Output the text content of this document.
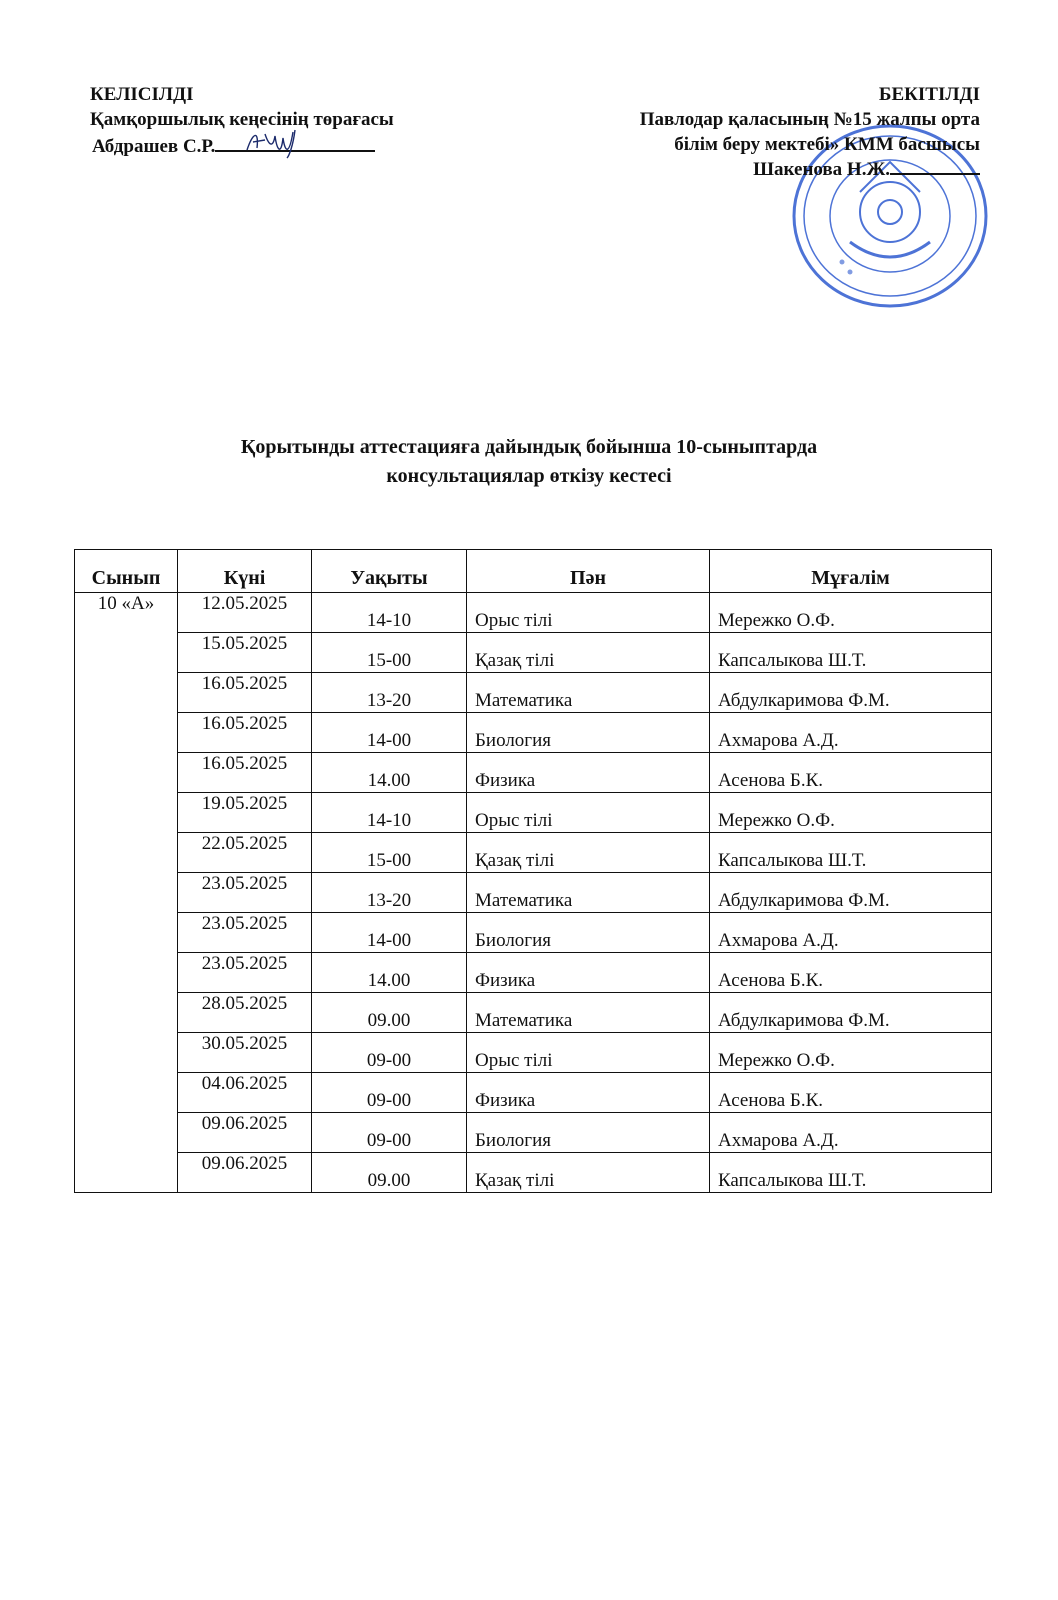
КЕЛІСІЛДІ
Қамқоршылық кеңесінің төрағасы
Абдрашев С.Р.
БЕКІТІЛДІ
Павлодар қаласының №15 жалпы орта
білім беру мектебі» КММ басшысы
Шакенова Н.Ж.
Қорытынды аттестацияға дайындық бойынша 10-сыныптарда
консультациялар өткізу кестесі
Сынып	Күні	Уақыты	Пән	Мұғалім
10 «А»	12.05.2025	14-10	Орыс тілі	Мережко О.Ф.
	15.05.2025	15-00	Қазақ тілі	Капсалыкова Ш.Т.
	16.05.2025	13-20	Математика	Абдулкаримова Ф.М.
	16.05.2025	14-00	Биология	Ахмарова А.Д.
	16.05.2025	14.00	Физика	Асенова Б.К.
	19.05.2025	14-10	Орыс тілі	Мережко О.Ф.
	22.05.2025	15-00	Қазақ тілі	Капсалыкова Ш.Т.
	23.05.2025	13-20	Математика	Абдулкаримова Ф.М.
	23.05.2025	14-00	Биология	Ахмарова А.Д.
	23.05.2025	14.00	Физика	Асенова Б.К.
	28.05.2025	09.00	Математика	Абдулкаримова Ф.М.
	30.05.2025	09-00	Орыс тілі	Мережко О.Ф.
	04.06.2025	09-00	Физика	Асенова Б.К.
	09.06.2025	09-00	Биология	Ахмарова А.Д.
	09.06.2025	09.00	Қазақ тілі	Капсалыкова Ш.Т.
